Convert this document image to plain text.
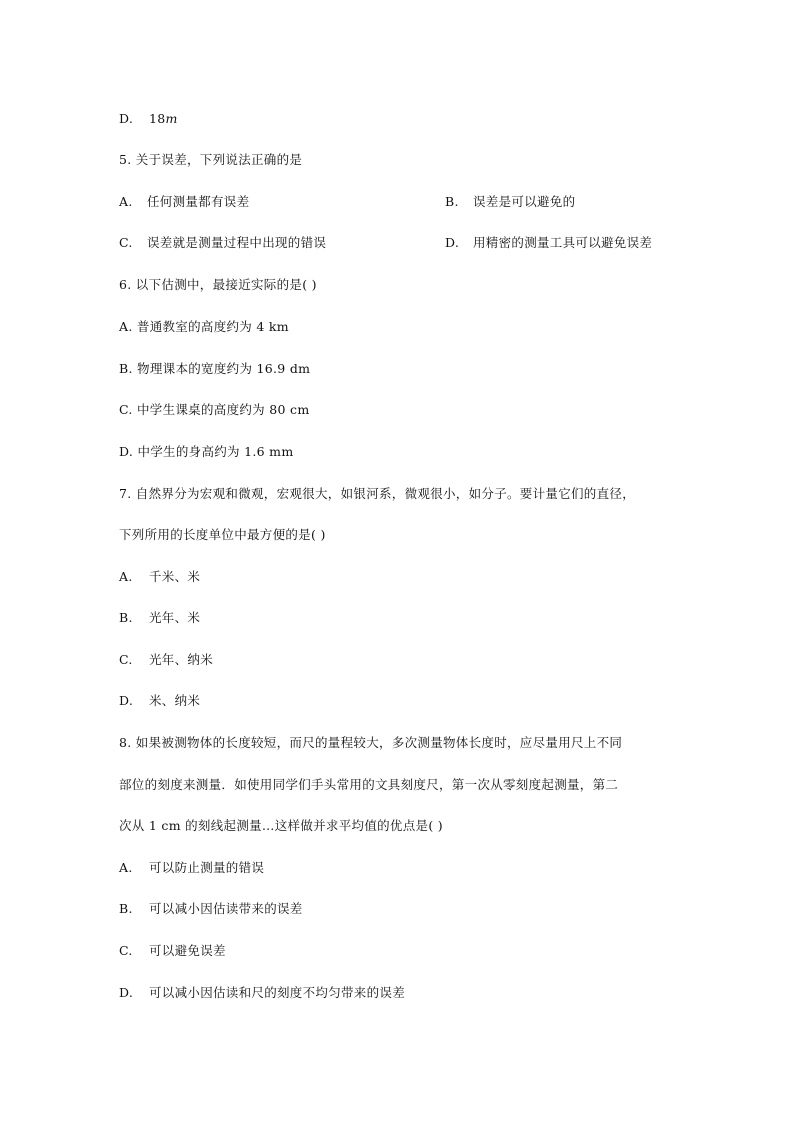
D. 18m
5. 关于误差，下列说法正确的是
A. 任何测量都有误差	B. 误差是可以避免的
C. 误差就是测量过程中出现的错误	D. 用精密的测量工具可以避免误差
6. 以下估测中，最接近实际的是( )
A. 普通教室的高度约为 4 km
B. 物理课本的宽度约为 16.9 dm
C. 中学生课桌的高度约为 80 cm
D. 中学生的身高约为 1.6 mm
7. 自然界分为宏观和微观，宏观很大，如银河系，微观很小，如分子。要计量它们的直径，
下列所用的长度单位中最方便的是( )
A. 千米、米
B. 光年、米
C. 光年、纳米
D. 米、纳米
8. 如果被测物体的长度较短，而尺的量程较大，多次测量物体长度时，应尽量用尺上不同
部位的刻度来测量．如使用同学们手头常用的文具刻度尺，第一次从零刻度起测量，第二
次从 1 cm 的刻线起测量…这样做并求平均值的优点是( )
A. 可以防止测量的错误
B. 可以减小因估读带来的误差
C. 可以避免误差
D. 可以减小因估读和尺的刻度不均匀带来的误差
